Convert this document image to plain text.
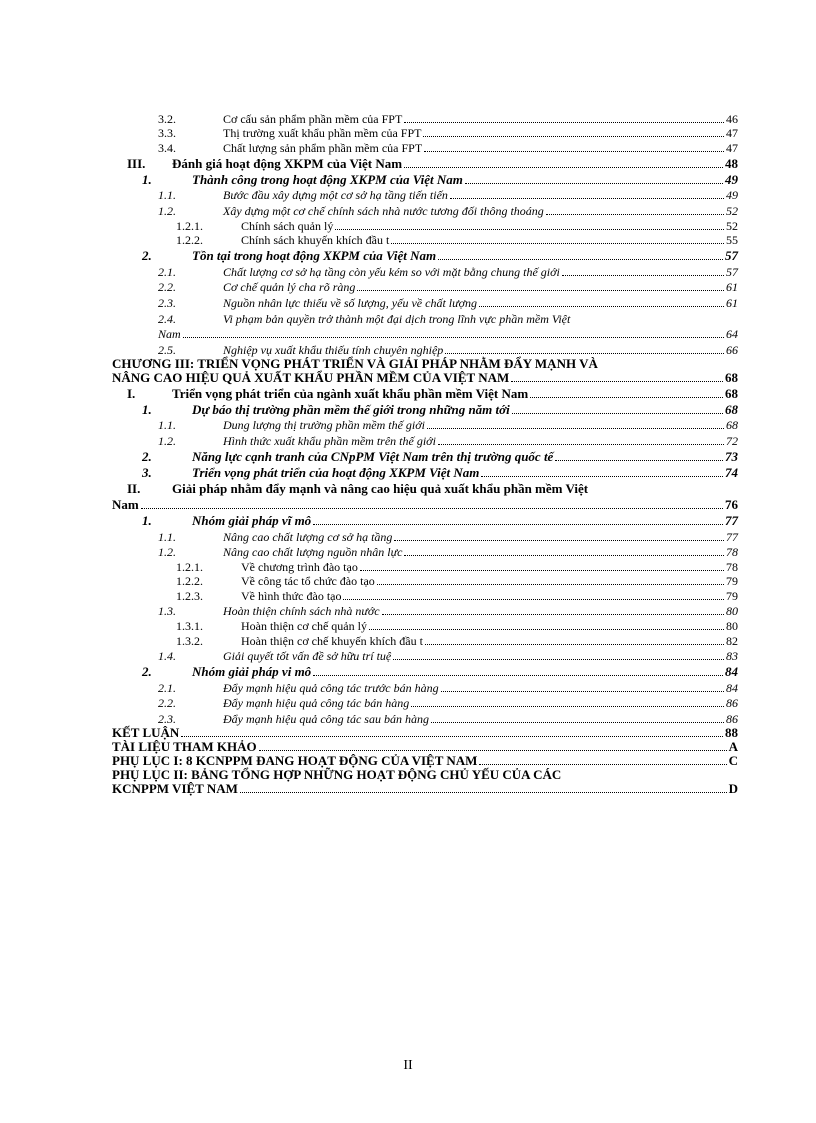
3.2.	Cơ cấu sản phẩm phần mềm của FPT	46
3.3.	Thị trường xuất khẩu phần mềm của FPT	47
3.4.	Chất lượng sản phẩm phần mềm của FPT	47
III.	Đánh giá hoạt động XKPM của Việt Nam	48
1.	Thành công trong hoạt động XKPM của Việt Nam	49
1.1.	Bước đầu xây dựng một cơ sở hạ tầng tiến tiến	49
1.2.	Xây dựng một cơ chế chính sách nhà nước tương đối thông thoáng	52
1.2.1.	Chính sách quản lý	52
1.2.2.	Chính sách khuyến khích đầu t	55
2.	Tồn tại trong hoạt động XKPM của Việt Nam	57
2.1.	Chất lượng cơ sở hạ tầng còn yếu kém so với mặt bằng chung thế giới	57
2.2.	Cơ chế quản lý cha rõ ràng	61
2.3.	Nguồn nhân lực thiếu về số lượng, yếu về chất lượng	61
2.4.	Vi phạm bản quyền trở thành một đại dịch trong lĩnh vực phần mềm Việt
Nam	64
2.5.	Nghiệp vụ xuất khẩu thiếu tính chuyên nghiệp	66
CHƯƠNG III: TRIỂN VỌNG PHÁT TRIỂN VÀ GIẢI PHÁP NHẰM ĐẨY MẠNH VÀ
NÂNG CAO HIỆU QUẢ XUẤT KHẨU PHẦN MỀM CỦA VIỆT NAM	68
I.	Triển vọng phát triển của ngành xuất khẩu phần mềm Việt Nam	68
1.	Dự báo thị trường phần mềm thế giới trong những năm tới	68
1.1.	Dung lượng thị trường phần mềm thế giới	68
1.2.	Hình thức xuất khẩu phần mềm trên thế giới	72
2.	Năng lực cạnh tranh của CNpPM Việt Nam trên thị trường quốc tế	73
3.	Triển vọng phát triển của hoạt động XKPM Việt Nam	74
II.	Giải pháp nhằm đẩy mạnh và nâng cao hiệu quả xuất khẩu phần mềm Việt
Nam	76
1.	Nhóm giải pháp vĩ mô	77
1.1.	Nâng cao chất lượng cơ sở hạ tầng	77
1.2.	Nâng cao chất lượng nguồn nhân lực	78
1.2.1.	Về chương trình đào tạo	78
1.2.2.	Về công tác tổ chức đào tạo	79
1.2.3.	Về hình thức đào tạo	79
1.3.	Hoàn thiện chính sách nhà nước	80
1.3.1.	Hoàn thiện cơ chế quản lý	80
1.3.2.	Hoàn thiện cơ chế khuyến khích đầu t	82
1.4.	Giải quyết tốt vấn đề sở hữu trí tuệ	83
2.	Nhóm giải pháp vi mô	84
2.1.	Đẩy mạnh hiệu quả công tác trước bán hàng	84
2.2.	Đẩy mạnh hiệu quả công tác bán hàng	86
2.3.	Đẩy mạnh hiệu quả công tác sau bán hàng	86
KẾT LUẬN	88
TÀI LIỆU THAM KHẢO	A
PHỤ LỤC I: 8 KCNPPM ĐANG HOẠT ĐỘNG CỦA VIỆT NAM	C
PHỤ LỤC II: BẢNG TỔNG HỢP NHỮNG HOẠT ĐỘNG CHỦ YẾU CỦA CÁC
KCNPPM VIỆT NAM	D
II
